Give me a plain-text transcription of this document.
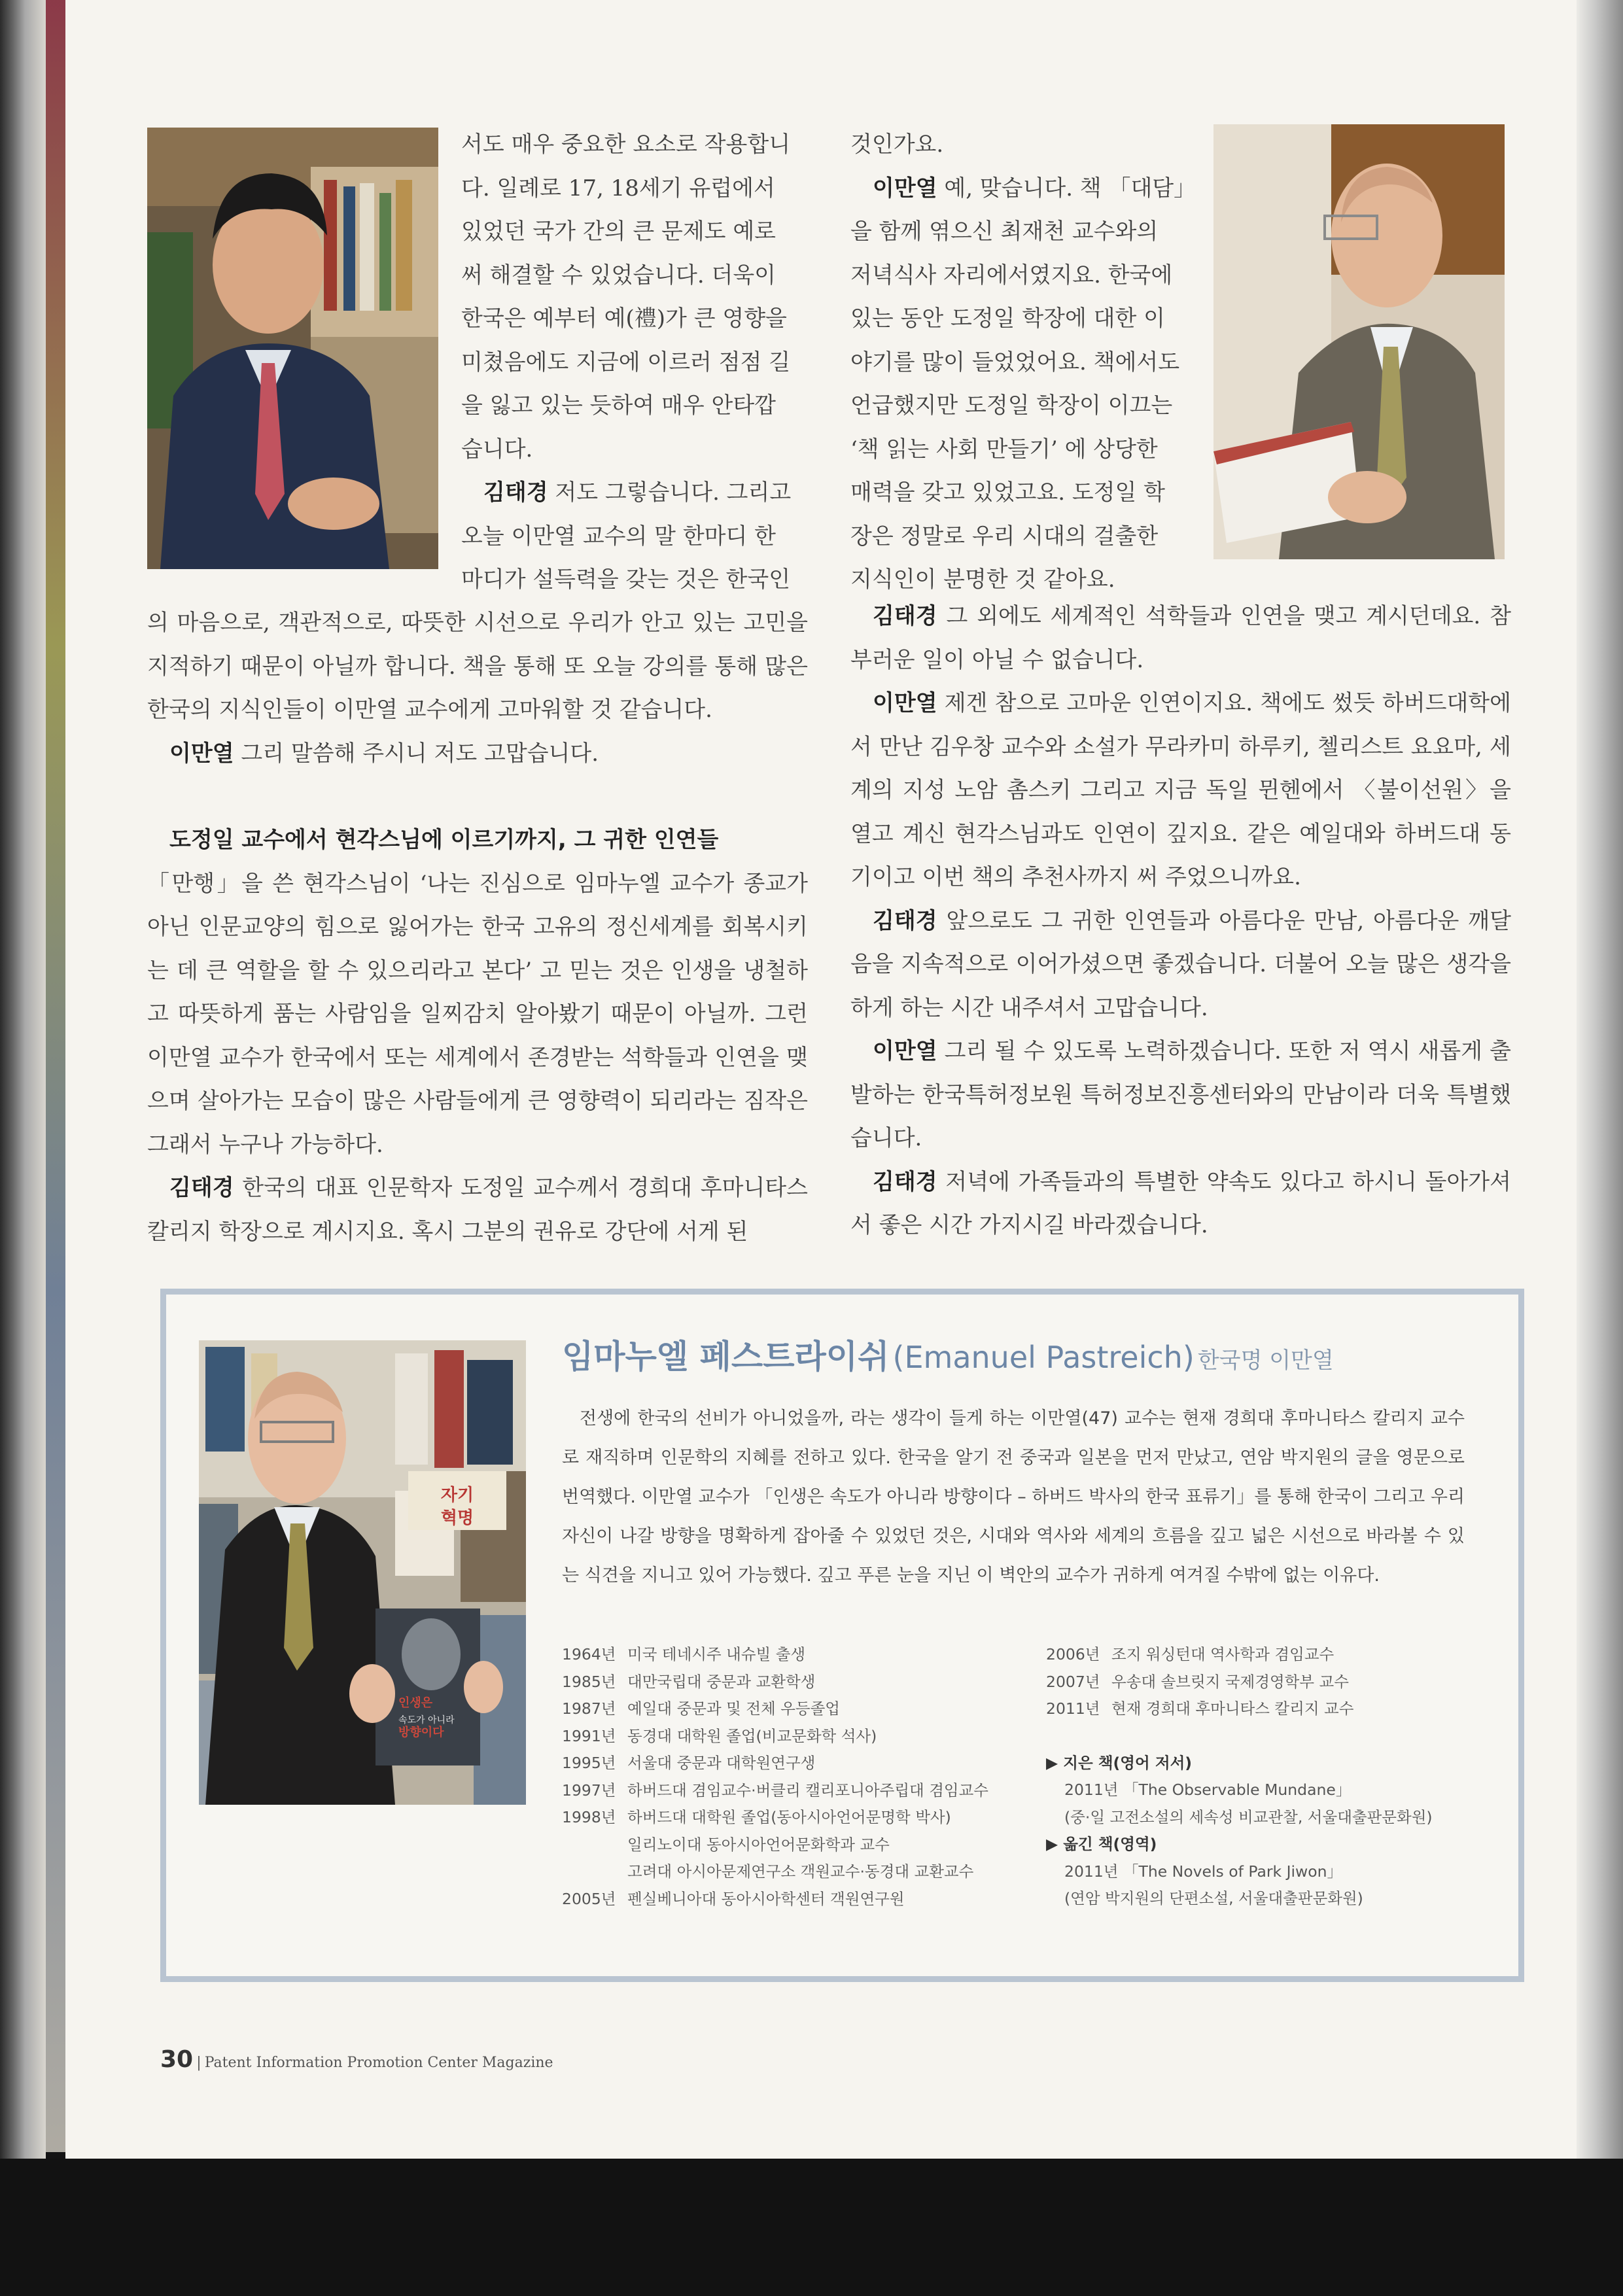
서도 매우 중요한 요소로 작용합니

다. 일례로 17, 18세기 유럽에서

있었던 국가 간의 큰 문제도 예로

써 해결할 수 있었습니다. 더욱이

한국은 예부터 예(禮)가 큰 영향을

미쳤음에도 지금에 이르러 점점 길

을 잃고 있는 듯하여 매우 안타깝

습니다.

김태경 저도 그렇습니다. 그리고

오늘 이만열 교수의 말 한마디 한

마디가 설득력을 갖는 것은 한국인

의 마음으로, 객관적으로, 따뜻한 시선으로 우리가 안고 있는 고민을 지적하기 때문이 아닐까 합니다. 책을 통해 또 오늘 강의를 통해 많은 한국의 지식인들이 이만열 교수에게 고마워할 것 같습니다.

이만열 그리 말씀해 주시니 저도 고맙습니다.

도정일 교수에서 현각스님에 이르기까지, 그 귀한 인연들

「만행」을 쓴 현각스님이 ‘나는 진심으로 임마누엘 교수가 종교가 아닌 인문교양의 힘으로 잃어가는 한국 고유의 정신세계를 회복시키는 데 큰 역할을 할 수 있으리라고 본다’ 고 믿는 것은 인생을 냉철하고 따뜻하게 품는 사람임을 일찌감치 알아봤기 때문이 아닐까. 그런 이만열 교수가 한국에서 또는 세계에서 존경받는 석학들과 인연을 맺으며 살아가는 모습이 많은 사람들에게 큰 영향력이 되리라는 짐작은 그래서 누구나 가능하다.

김태경 한국의 대표 인문학자 도정일 교수께서 경희대 후마니타스 칼리지 학장으로 계시지요. 혹시 그분의 권유로 강단에 서게 된

것인가요.

이만열 예, 맞습니다. 책 「대담」

을 함께 엮으신 최재천 교수와의

저녁식사 자리에서였지요. 한국에

있는 동안 도정일 학장에 대한 이

야기를 많이 들었었어요. 책에서도

언급했지만 도정일 학장이 이끄는

‘책 읽는 사회 만들기’ 에 상당한

매력을 갖고 있었고요. 도정일 학

장은 정말로 우리 시대의 걸출한

지식인이 분명한 것 같아요.

김태경 그 외에도 세계적인 석학들과 인연을 맺고 계시던데요. 참 부러운 일이 아닐 수 없습니다.

이만열 제겐 참으로 고마운 인연이지요. 책에도 썼듯 하버드대학에서 만난 김우창 교수와 소설가 무라카미 하루키, 첼리스트 요요마, 세계의 지성 노암 촘스키 그리고 지금 독일 뮌헨에서 〈불이선원〉을 열고 계신 현각스님과도 인연이 깊지요. 같은 예일대와 하버드대 동기이고 이번 책의 추천사까지 써 주었으니까요.

김태경 앞으로도 그 귀한 인연들과 아름다운 만남, 아름다운 깨달음을 지속적으로 이어가셨으면 좋겠습니다. 더불어 오늘 많은 생각을 하게 하는 시간 내주셔서 고맙습니다.

이만열 그리 될 수 있도록 노력하겠습니다. 또한 저 역시 새롭게 출발하는 한국특허정보원 특허정보진흥센터와의 만남이라 더욱 특별했습니다.

김태경 저녁에 가족들과의 특별한 약속도 있다고 하시니 돌아가셔서 좋은 시간 가지시길 바라겠습니다.

자기
혁명
인생은
속도가 아니라
방향이다
임마누엘 페스트라이쉬 (Emanuel Pastreich) 한국명 이만열

전생에 한국의 선비가 아니었을까, 라는 생각이 들게 하는 이만열(47) 교수는 현재 경희대 후마니타스 칼리지 교수로 재직하며 인문학의 지혜를 전하고 있다. 한국을 알기 전 중국과 일본을 먼저 만났고, 연암 박지원의 글을 영문으로 번역했다. 이만열 교수가 「인생은 속도가 아니라 방향이다 – 하버드 박사의 한국 표류기」를 통해 한국이 그리고 우리 자신이 나갈 방향을 명확하게 잡아줄 수 있었던 것은, 시대와 역사와 세계의 흐름을 깊고 넓은 시선으로 바라볼 수 있는 식견을 지니고 있어 가능했다. 깊고 푸른 눈을 지닌 이 벽안의 교수가 귀하게 여겨질 수밖에 없는 이유다.

1964년 미국 테네시주 내슈빌 출생
1985년 대만국립대 중문과 교환학생
1987년 예일대 중문과 및 전체 우등졸업
1991년 동경대 대학원 졸업(비교문화학 석사)
1995년 서울대 중문과 대학원연구생
1997년 하버드대 겸임교수·버클리 캘리포니아주립대 겸임교수
1998년 하버드대 대학원 졸업(동아시아언어문명학 박사)
일리노이대 동아시아언어문화학과 교수
고려대 아시아문제연구소 객원교수·동경대 교환교수
2005년 펜실베니아대 동아시아학센터 객원연구원
2006년 조지 워싱턴대 역사학과 겸임교수
2007년 우송대 솔브릿지 국제경영학부 교수
2011년 현재 경희대 후마니타스 칼리지 교수
▶ 지은 책(영어 저서)
2011년 「The Observable Mundane」
(중·일 고전소설의 세속성 비교관찰, 서울대출판문화원)
▶ 옮긴 책(영역)
2011년 「The Novels of Park Jiwon」
(연암 박지원의 단편소설, 서울대출판문화원)
30 | Patent Information Promotion Center Magazine
